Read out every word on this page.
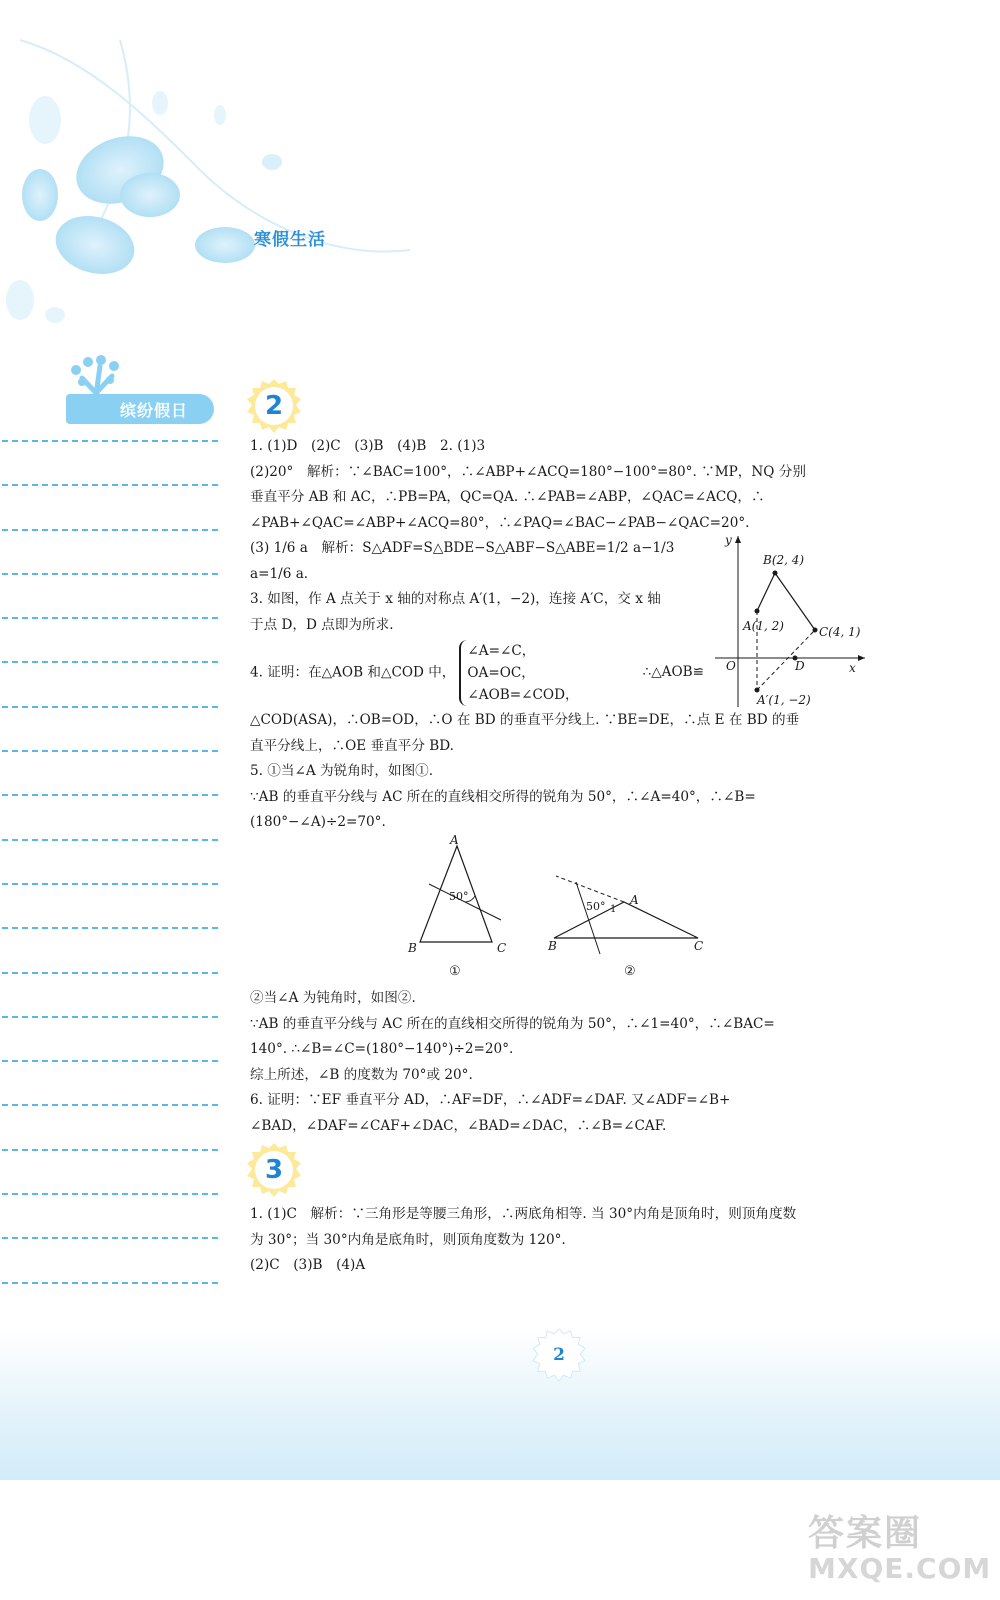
寒假生活
缤纷假日	2

1. (1)D　(2)C　(3)B　(4)B　2. (1)3

(2)20°　解析：∵∠BAC=100°，∴∠ABP+∠ACQ=180°−100°=80°. ∵MP，NQ 分别

垂直平分 AB 和 AC，∴PB=PA，QC=QA. ∴∠PAB=∠ABP，∠QAC=∠ACQ，∴

∠PAB+∠QAC=∠ABP+∠ACQ=80°，∴∠PAQ=∠BAC−∠PAB−∠QAC=20°.

(3) 1/6 a　解析：S△ADF=S△BDE−S△ABF−S△ABE=1/2 a−1/3 a=1/6 a.

3. 如图，作 A 点关于 x 轴的对称点 A′(1，−2)，连接 A′C，交 x 轴

于点 D，D 点即为所求.

4. 证明：在△AOB 和△COD 中，∠A=∠C，
OA=OC，
∠AOB=∠COD，∴△AOB≌

△COD(ASA)，∴OB=OD，∴O 在 BD 的垂直平分线上. ∵BE=DE，∴点 E 在 BD 的垂

直平分线上，∴OE 垂直平分 BD.

5. ①当∠A 为锐角时，如图①.

∵AB 的垂直平分线与 AC 所在的直线相交所得的锐角为 50°，∴∠A=40°，∴∠B=

(180°−∠A)÷2=70°.

y
x
O
B(2, 4)
A(1, 2)	C(4, 1)
D
A′(1, −2)
A
B	C
50°
①
A
B	C
50° 1
②

②当∠A 为钝角时，如图②.

∵AB 的垂直平分线与 AC 所在的直线相交所得的锐角为 50°，∴∠1=40°，∴∠BAC=

140°. ∴∠B=∠C=(180°−140°)÷2=20°.

综上所述，∠B 的度数为 70°或 20°.

6. 证明：∵EF 垂直平分 AD，∴AF=DF，∴∠ADF=∠DAF. 又∠ADF=∠B+

∠BAD，∠DAF=∠CAF+∠DAC，∠BAD=∠DAC，∴∠B=∠CAF.

3

1. (1)C　解析：∵三角形是等腰三角形，∴两底角相等. 当 30°内角是顶角时，则顶角度数

为 30°；当 30°内角是底角时，则顶角度数为 120°.

(2)C　(3)B　(4)A

2
答案圈
MXQE.COM
